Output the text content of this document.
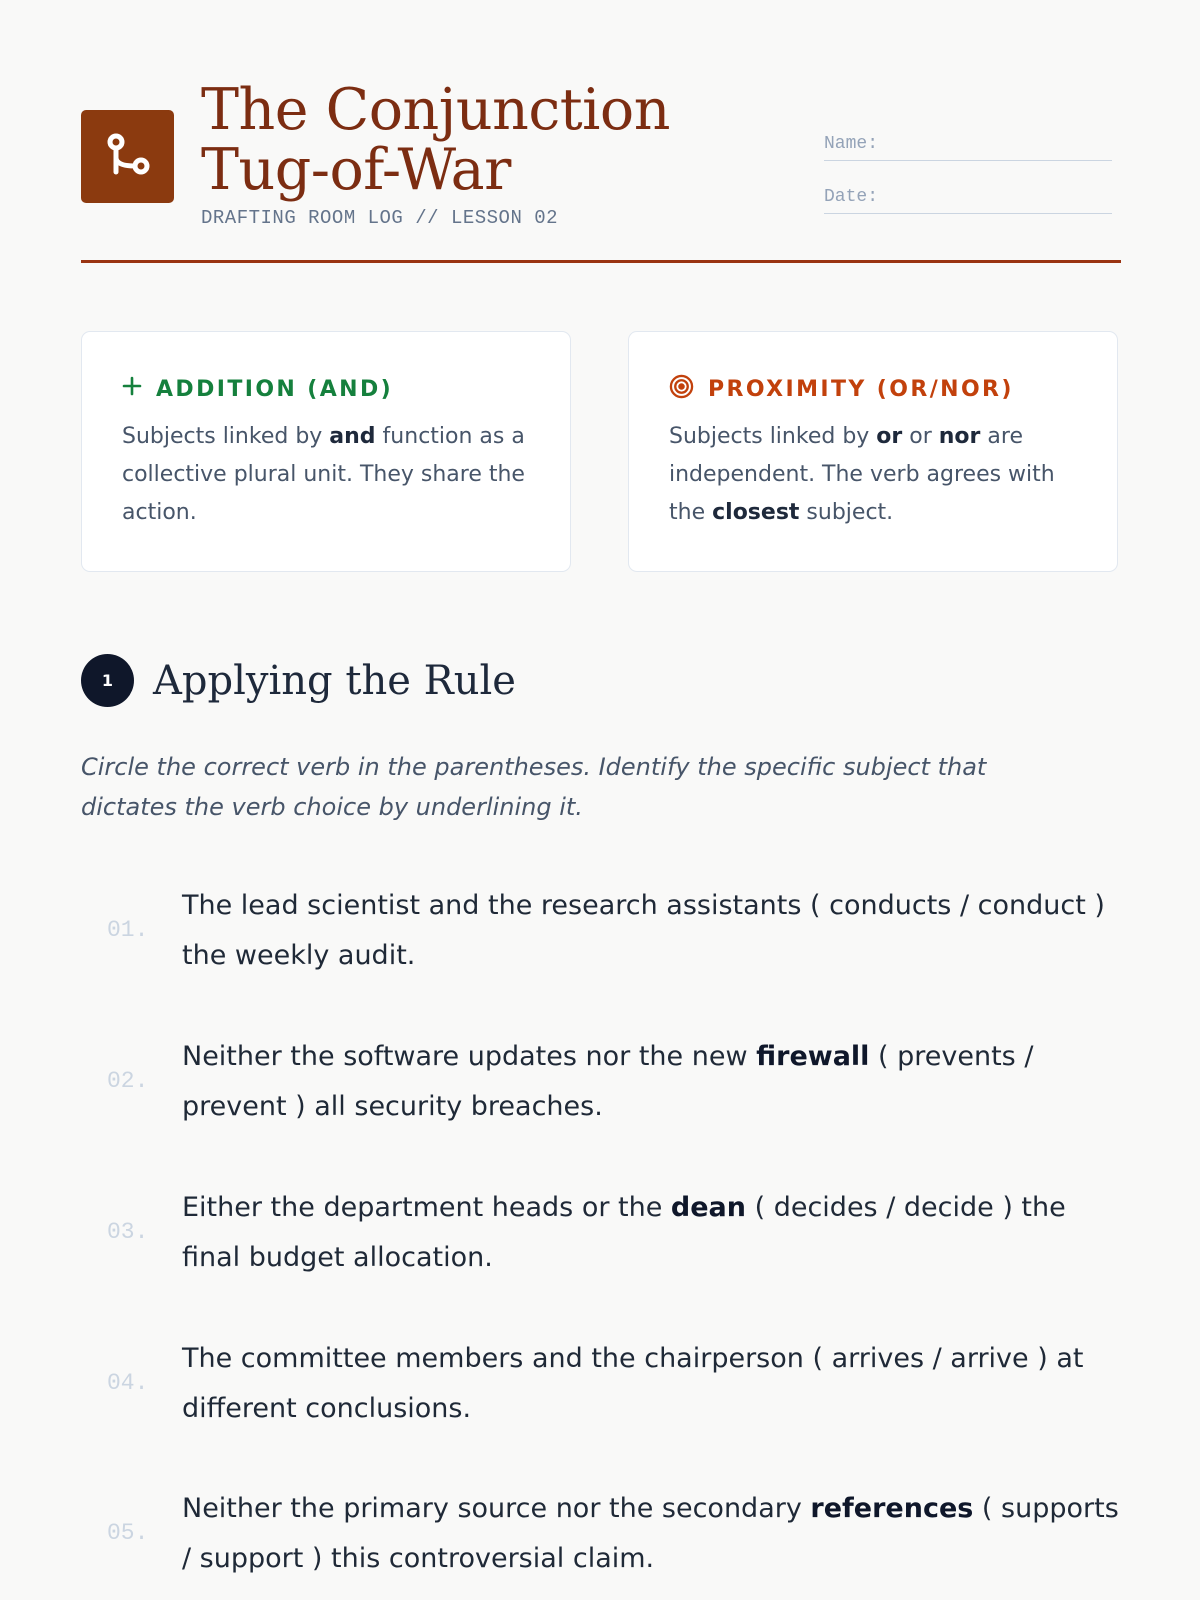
The Conjunction Tug-of-War
DRAFTING ROOM LOG // LESSON 02
Name:
Date:
ADDITION (AND)
Subjects linked by and function as a collective plural unit. They share the action.
PROXIMITY (OR/NOR)
Subjects linked by or or nor are independent. The verb agrees with the closest subject.
1 Applying the Rule
Circle the correct verb in the parentheses. Identify the specific subject that dictates the verb choice by underlining it.
01.
The lead scientist and the research assistants ( conducts / conduct ) the weekly audit.
02.
Neither the software updates nor the new firewall ( prevents / prevent ) all security breaches.
03.
Either the department heads or the dean ( decides / decide ) the final budget allocation.
04.
The committee members and the chairperson ( arrives / arrive ) at different conclusions.
05.
Neither the primary source nor the secondary references ( supports / support ) this controversial claim.
